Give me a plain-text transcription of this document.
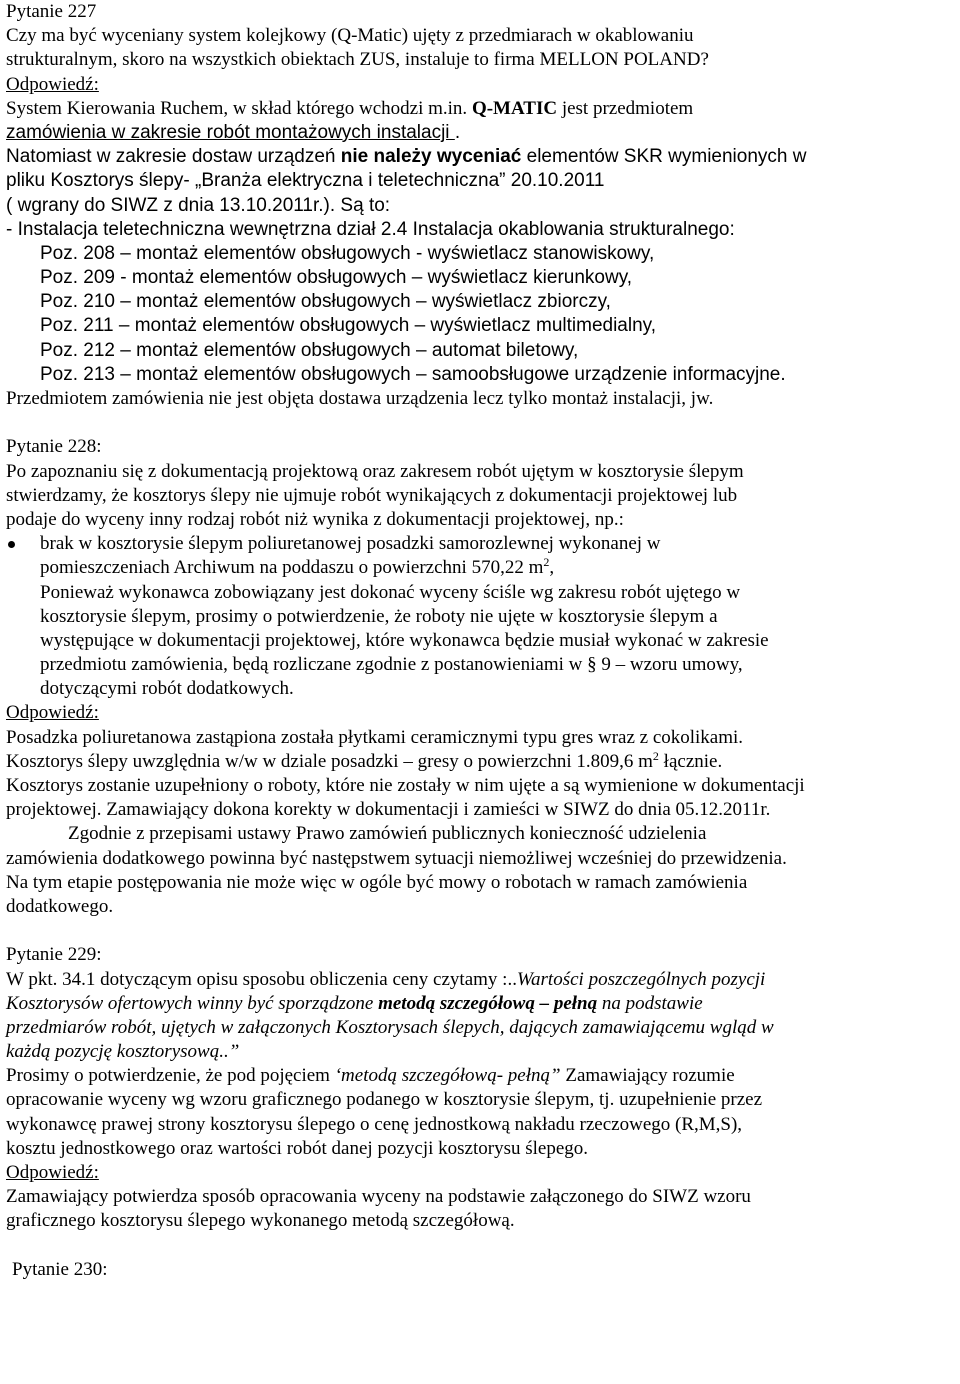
Pytanie 227

Czy ma być wyceniany system kolejkowy (Q-Matic) ujęty z przedmiarach w okablowaniu

strukturalnym, skoro na wszystkich obiektach ZUS, instaluje to firma MELLON POLAND?

Odpowiedź:

System Kierowania Ruchem, w skład którego wchodzi m.in. Q-MATIC jest przedmiotem

zamówienia w zakresie robót montażowych instalacji .

Natomiast w zakresie dostaw urządzeń nie należy wyceniać elementów SKR wymienionych w

pliku Kosztorys ślepy- „Branża elektryczna i teletechniczna” 20.10.2011

( wgrany do SIWZ z dnia 13.10.2011r.). Są to:

- Instalacja teletechniczna wewnętrzna dział 2.4 Instalacja okablowania strukturalnego:

Poz. 208 – montaż elementów obsługowych - wyświetlacz stanowiskowy,

Poz. 209 - montaż elementów obsługowych – wyświetlacz kierunkowy,

Poz. 210 – montaż elementów obsługowych – wyświetlacz zbiorczy,

Poz. 211 – montaż elementów obsługowych – wyświetlacz multimedialny,

Poz. 212 – montaż elementów obsługowych – automat biletowy,

Poz. 213 – montaż elementów obsługowych – samoobsługowe urządzenie informacyjne.

Przedmiotem zamówienia nie jest objęta dostawa urządzenia lecz tylko montaż instalacji, jw.

Pytanie 228:

Po zapoznaniu się z dokumentacją projektową oraz zakresem robót ujętym w kosztorysie ślepym

stwierdzamy, że kosztorys ślepy nie ujmuje robót wynikających z dokumentacji projektowej lub

podaje do wyceny inny rodzaj robót niż wynika z dokumentacji projektowej, np.:

brak w kosztorysie ślepym poliuretanowej posadzki samorozlewnej wykonanej w

pomieszczeniach Archiwum na poddaszu o powierzchni 570,22 $m^2$,

Ponieważ wykonawca zobowiązany jest dokonać wyceny ściśle wg zakresu robót ujętego w

kosztorysie ślepym, prosimy o potwierdzenie, że roboty nie ujęte w kosztorysie ślepym a

występujące w dokumentacji projektowej, które wykonawca będzie musiał wykonać w zakresie

przedmiotu zamówienia, będą rozliczane zgodnie z postanowieniami w § 9 – wzoru umowy,

dotyczącymi robót dodatkowych.

Odpowiedź:

Posadzka poliuretanowa zastąpiona została płytkami ceramicznymi typu gres wraz z cokolikami.

Kosztorys ślepy uwzględnia w/w w dziale posadzki – gresy o powierzchni 1.809,6 $m^2$ łącznie.

Kosztorys zostanie uzupełniony o roboty, które nie zostały w nim ujęte a są wymienione w dokumentacji

projektowej. Zamawiający dokona korekty w dokumentacji i zamieści w SIWZ do dnia 05.12.2011r.

Zgodnie z przepisami ustawy Prawo zamówień publicznych konieczność udzielenia

zamówienia dodatkowego powinna być następstwem sytuacji niemożliwej wcześniej do przewidzenia.

Na tym etapie postępowania nie może więc w ogóle być mowy o robotach w ramach zamówienia

dodatkowego.

Pytanie 229:

W pkt. 34.1 dotyczącym opisu sposobu obliczenia ceny czytamy :..Wartości poszczególnych pozycji

Kosztorysów ofertowych winny być sporządzone metodą szczegółową – pełną na podstawie

przedmiarów robót, ujętych w załączonych Kosztorysach ślepych, dających zamawiającemu wgląd w

każdą pozycję kosztorysową..”

Prosimy o potwierdzenie, że pod pojęciem ‘metodą szczegółową- pełną” Zamawiający rozumie

opracowanie wyceny wg wzoru graficznego podanego w kosztorysie ślepym, tj. uzupełnienie przez

wykonawcę prawej strony kosztorysu ślepego o cenę jednostkową nakładu rzeczowego (R,M,S),

kosztu jednostkowego oraz wartości robót danej pozycji kosztorysu ślepego.

Odpowiedź:

Zamawiający potwierdza sposób opracowania wyceny na podstawie załączonego do SIWZ wzoru

graficznego kosztorysu ślepego wykonanego metodą szczegółową.

Pytanie 230:
